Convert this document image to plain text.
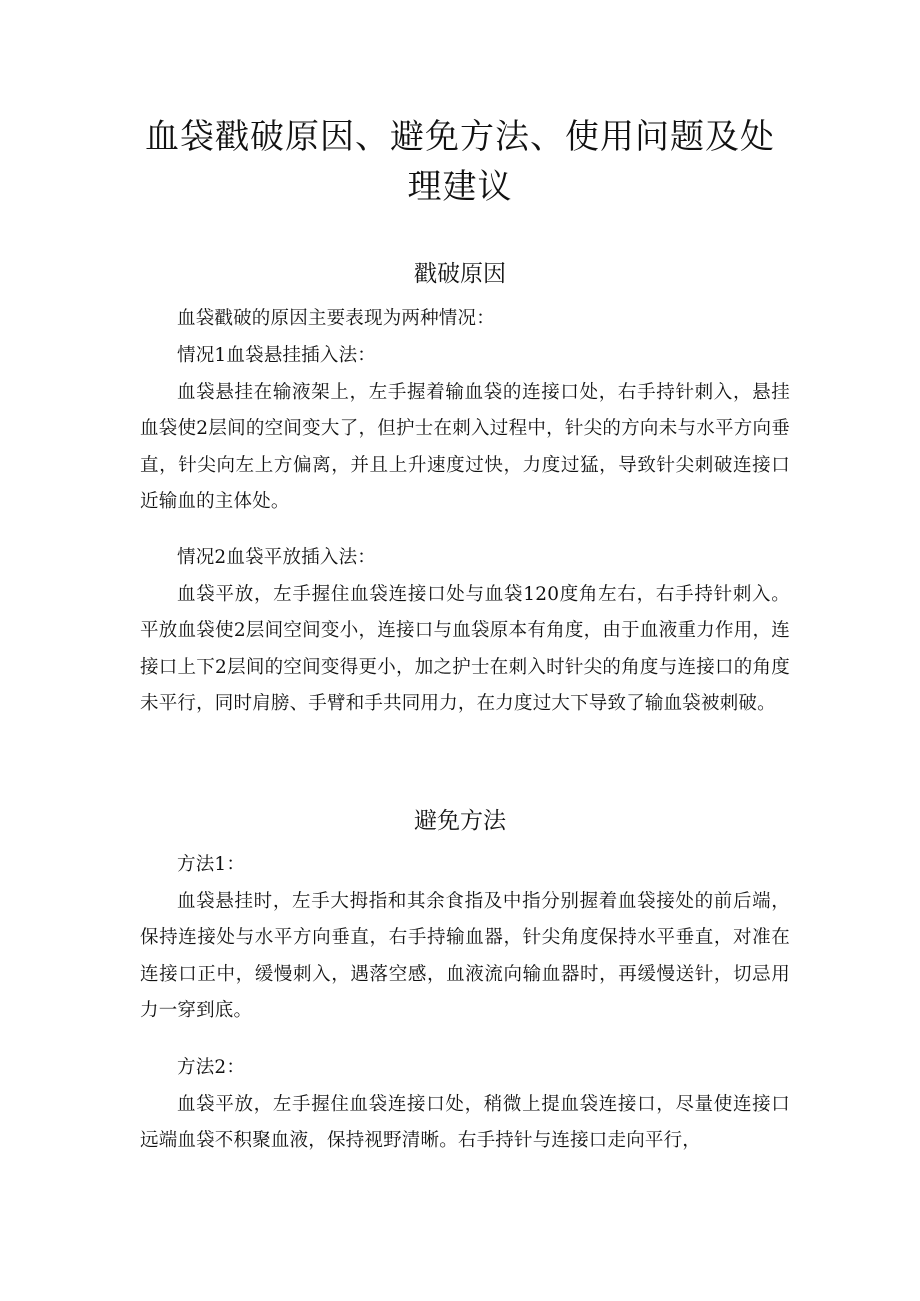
血袋戳破原因、避免方法、使用问题及处理建议
戳破原因

血袋戳破的原因主要表现为两种情况：

情况1血袋悬挂插入法：

血袋悬挂在输液架上，左手握着输血袋的连接口处，右手持针刺入，悬挂血袋使2层间的空间变大了，但护士在刺入过程中，针尖的方向未与水平方向垂直，针尖向左上方偏离，并且上升速度过快，力度过猛，导致针尖刺破连接口近输血的主体处。

情况2血袋平放插入法：

血袋平放，左手握住血袋连接口处与血袋120度角左右，右手持针刺入。平放血袋使2层间空间变小，连接口与血袋原本有角度，由于血液重力作用，连接口上下2层间的空间变得更小，加之护士在刺入时针尖的角度与连接口的角度未平行，同时肩膀、手臂和手共同用力，在力度过大下导致了输血袋被刺破。

避免方法

方法1：

血袋悬挂时，左手大拇指和其余食指及中指分别握着血袋接处的前后端，保持连接处与水平方向垂直，右手持输血器，针尖角度保持水平垂直，对准在连接口正中，缓慢刺入，遇落空感，血液流向输血器时，再缓慢送针，切忌用力一穿到底。

方法2：

血袋平放，左手握住血袋连接口处，稍微上提血袋连接口，尽量使连接口远端血袋不积聚血液，保持视野清晰。右手持针与连接口走向平行，
